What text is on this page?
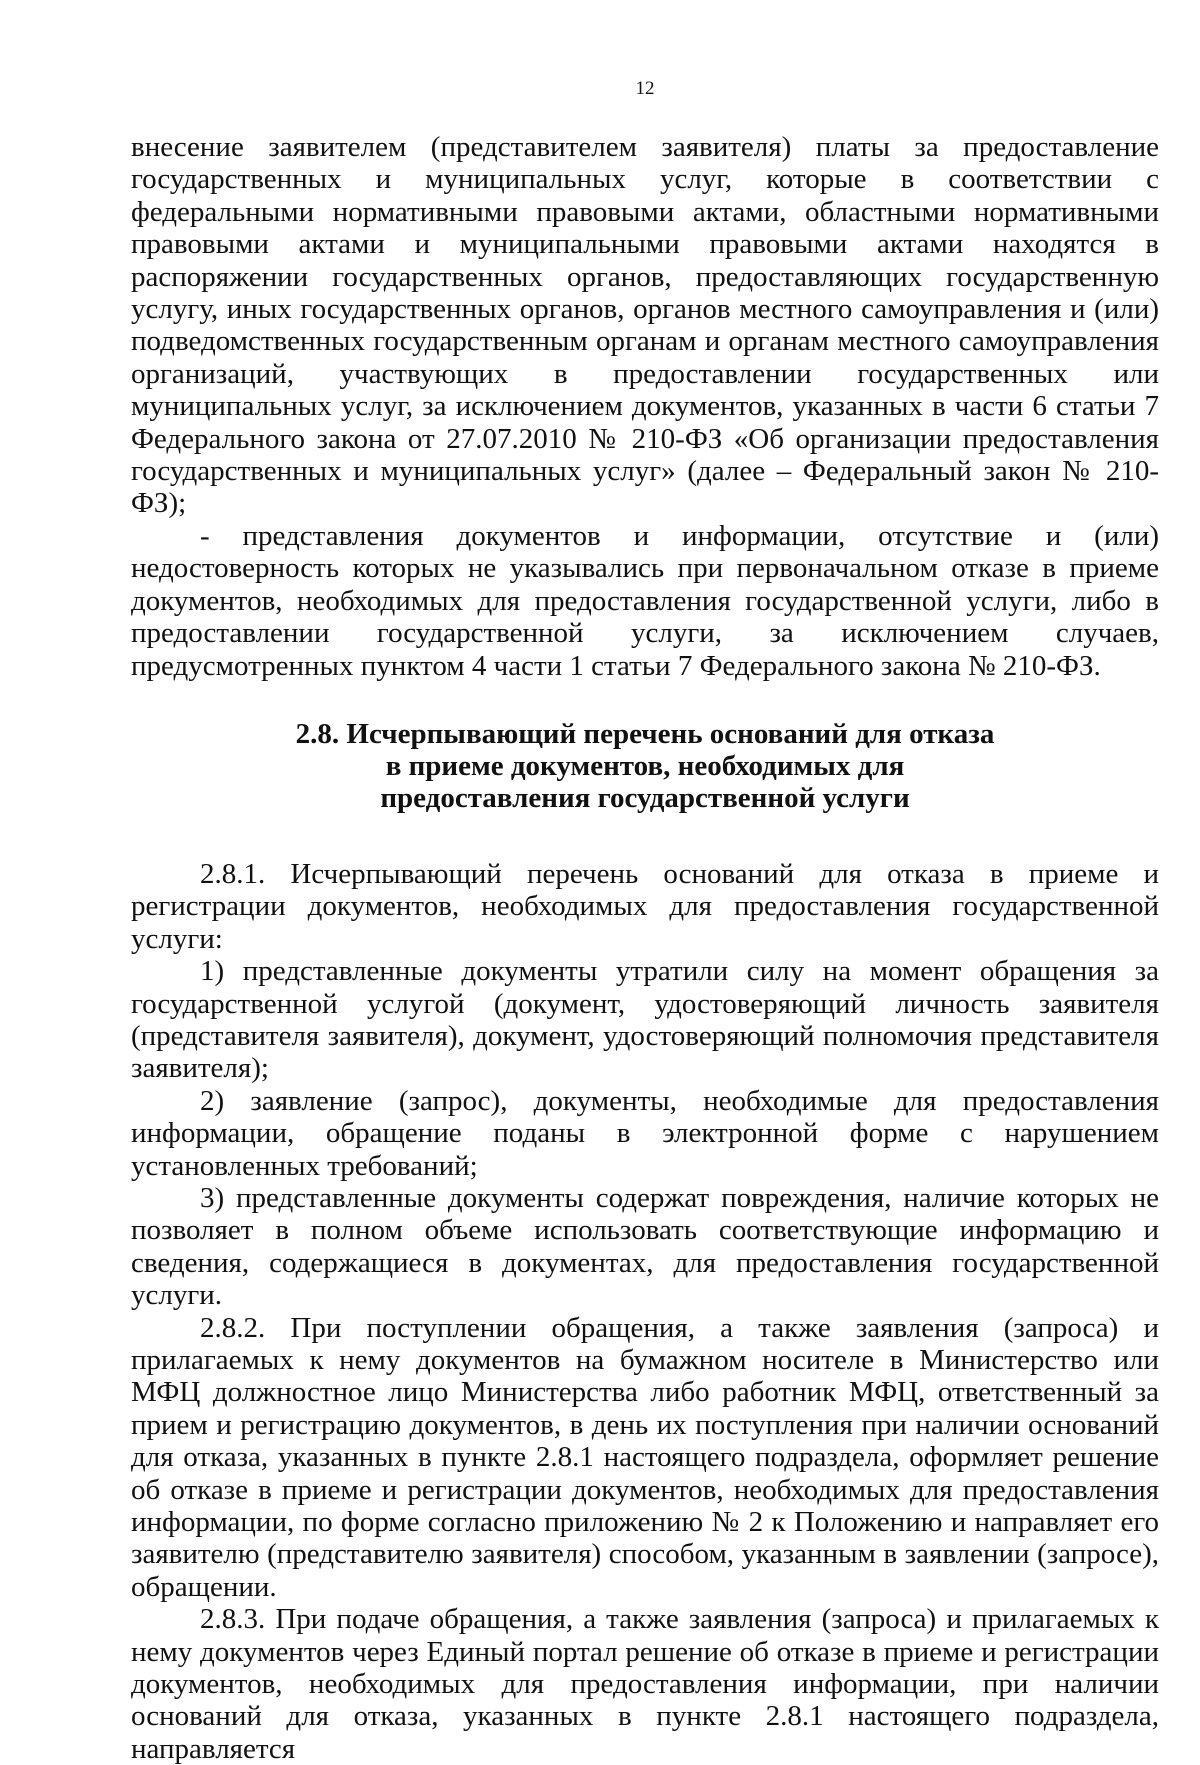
12

внесение заявителем (представителем заявителя) платы за предоставление государственных и муниципальных услуг, которые в соответствии с федеральными нормативными правовыми актами, областными нормативными правовыми актами и муниципальными правовыми актами находятся в распоряжении государственных органов, предоставляющих государственную услугу, иных государственных органов, органов местного самоуправления и (или) подведомственных государственным органам и органам местного самоуправления организаций, участвующих в предоставлении государственных или муниципальных услуг, за исключением документов, указанных в части 6 статьи 7 Федерального закона от 27.07.2010 № 210-ФЗ «Об организации предоставления государственных и муниципальных услуг» (далее – Федеральный закон № 210-ФЗ);

- представления документов и информации, отсутствие и (или) недостоверность которых не указывались при первоначальном отказе в приеме документов, необходимых для предоставления государственной услуги, либо в предоставлении государственной услуги, за исключением случаев, предусмотренных пунктом 4 части 1 статьи 7 Федерального закона № 210-ФЗ.

2.8. Исчерпывающий перечень оснований для отказа
в приеме документов, необходимых для
предоставления государственной услуги

2.8.1. Исчерпывающий перечень оснований для отказа в приеме и регистрации документов, необходимых для предоставления государственной услуги:

1) представленные документы утратили силу на момент обращения за государственной услугой (документ, удостоверяющий личность заявителя (представителя заявителя), документ, удостоверяющий полномочия представителя заявителя);

2) заявление (запрос), документы, необходимые для предоставления информации, обращение поданы в электронной форме с нарушением установленных требований;

3) представленные документы содержат повреждения, наличие которых не позволяет в полном объеме использовать соответствующие информацию и сведения, содержащиеся в документах, для предоставления государственной услуги.

2.8.2. При поступлении обращения, а также заявления (запроса) и прилагаемых к нему документов на бумажном носителе в Министерство или МФЦ должностное лицо Министерства либо работник МФЦ, ответственный за прием и регистрацию документов, в день их поступления при наличии оснований для отказа, указанных в пункте 2.8.1 настоящего подраздела, оформляет решение об отказе в приеме и регистрации документов, необходимых для предоставления информации, по форме согласно приложению № 2 к Положению и направляет его заявителю (представителю заявителя) способом, указанным в заявлении (запросе), обращении.

2.8.3. При подаче обращения, а также заявления (запроса) и прилагаемых к нему документов через Единый портал решение об отказе в приеме и регистрации документов, необходимых для предоставления информации, при наличии оснований для отказа, указанных в пункте 2.8.1 настоящего подраздела, направляется
